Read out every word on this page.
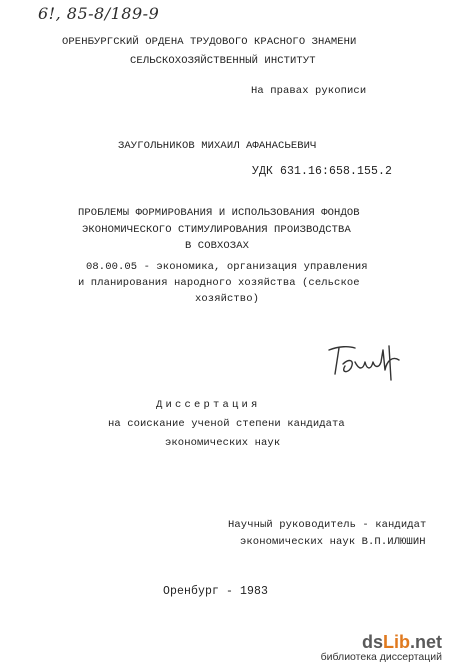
6!, 85-8/189-9
ОРЕНБУРГСКИЙ ОРДЕНА ТРУДОВОГО КРАСНОГО ЗНАМЕНИ
СЕЛЬСКОХОЗЯЙСТВЕННЫЙ ИНСТИТУТ
На правах рукописи
ЗАУГОЛЬНИКОВ МИХАИЛ АФАНАСЬЕВИЧ
УДК 631.16:658.155.2
ПРОБЛЕМЫ ФОРМИРОВАНИЯ И ИСПОЛЬЗОВАНИЯ ФОНДОВ
ЭКОНОМИЧЕСКОГО СТИМУЛИРОВАНИЯ ПРОИЗВОДСТВА
В СОВХОЗАХ
08.00.05 - экономика, организация управления
и планирования народного хозяйства (сельское
хозяйство)
Диссертация
на соискание ученой степени кандидата
экономических наук
Научный руководитель - кандидат
экономических наук В.П.ИЛЮШИН
Оренбург - 1983
dsLib.net
библиотека диссертаций
